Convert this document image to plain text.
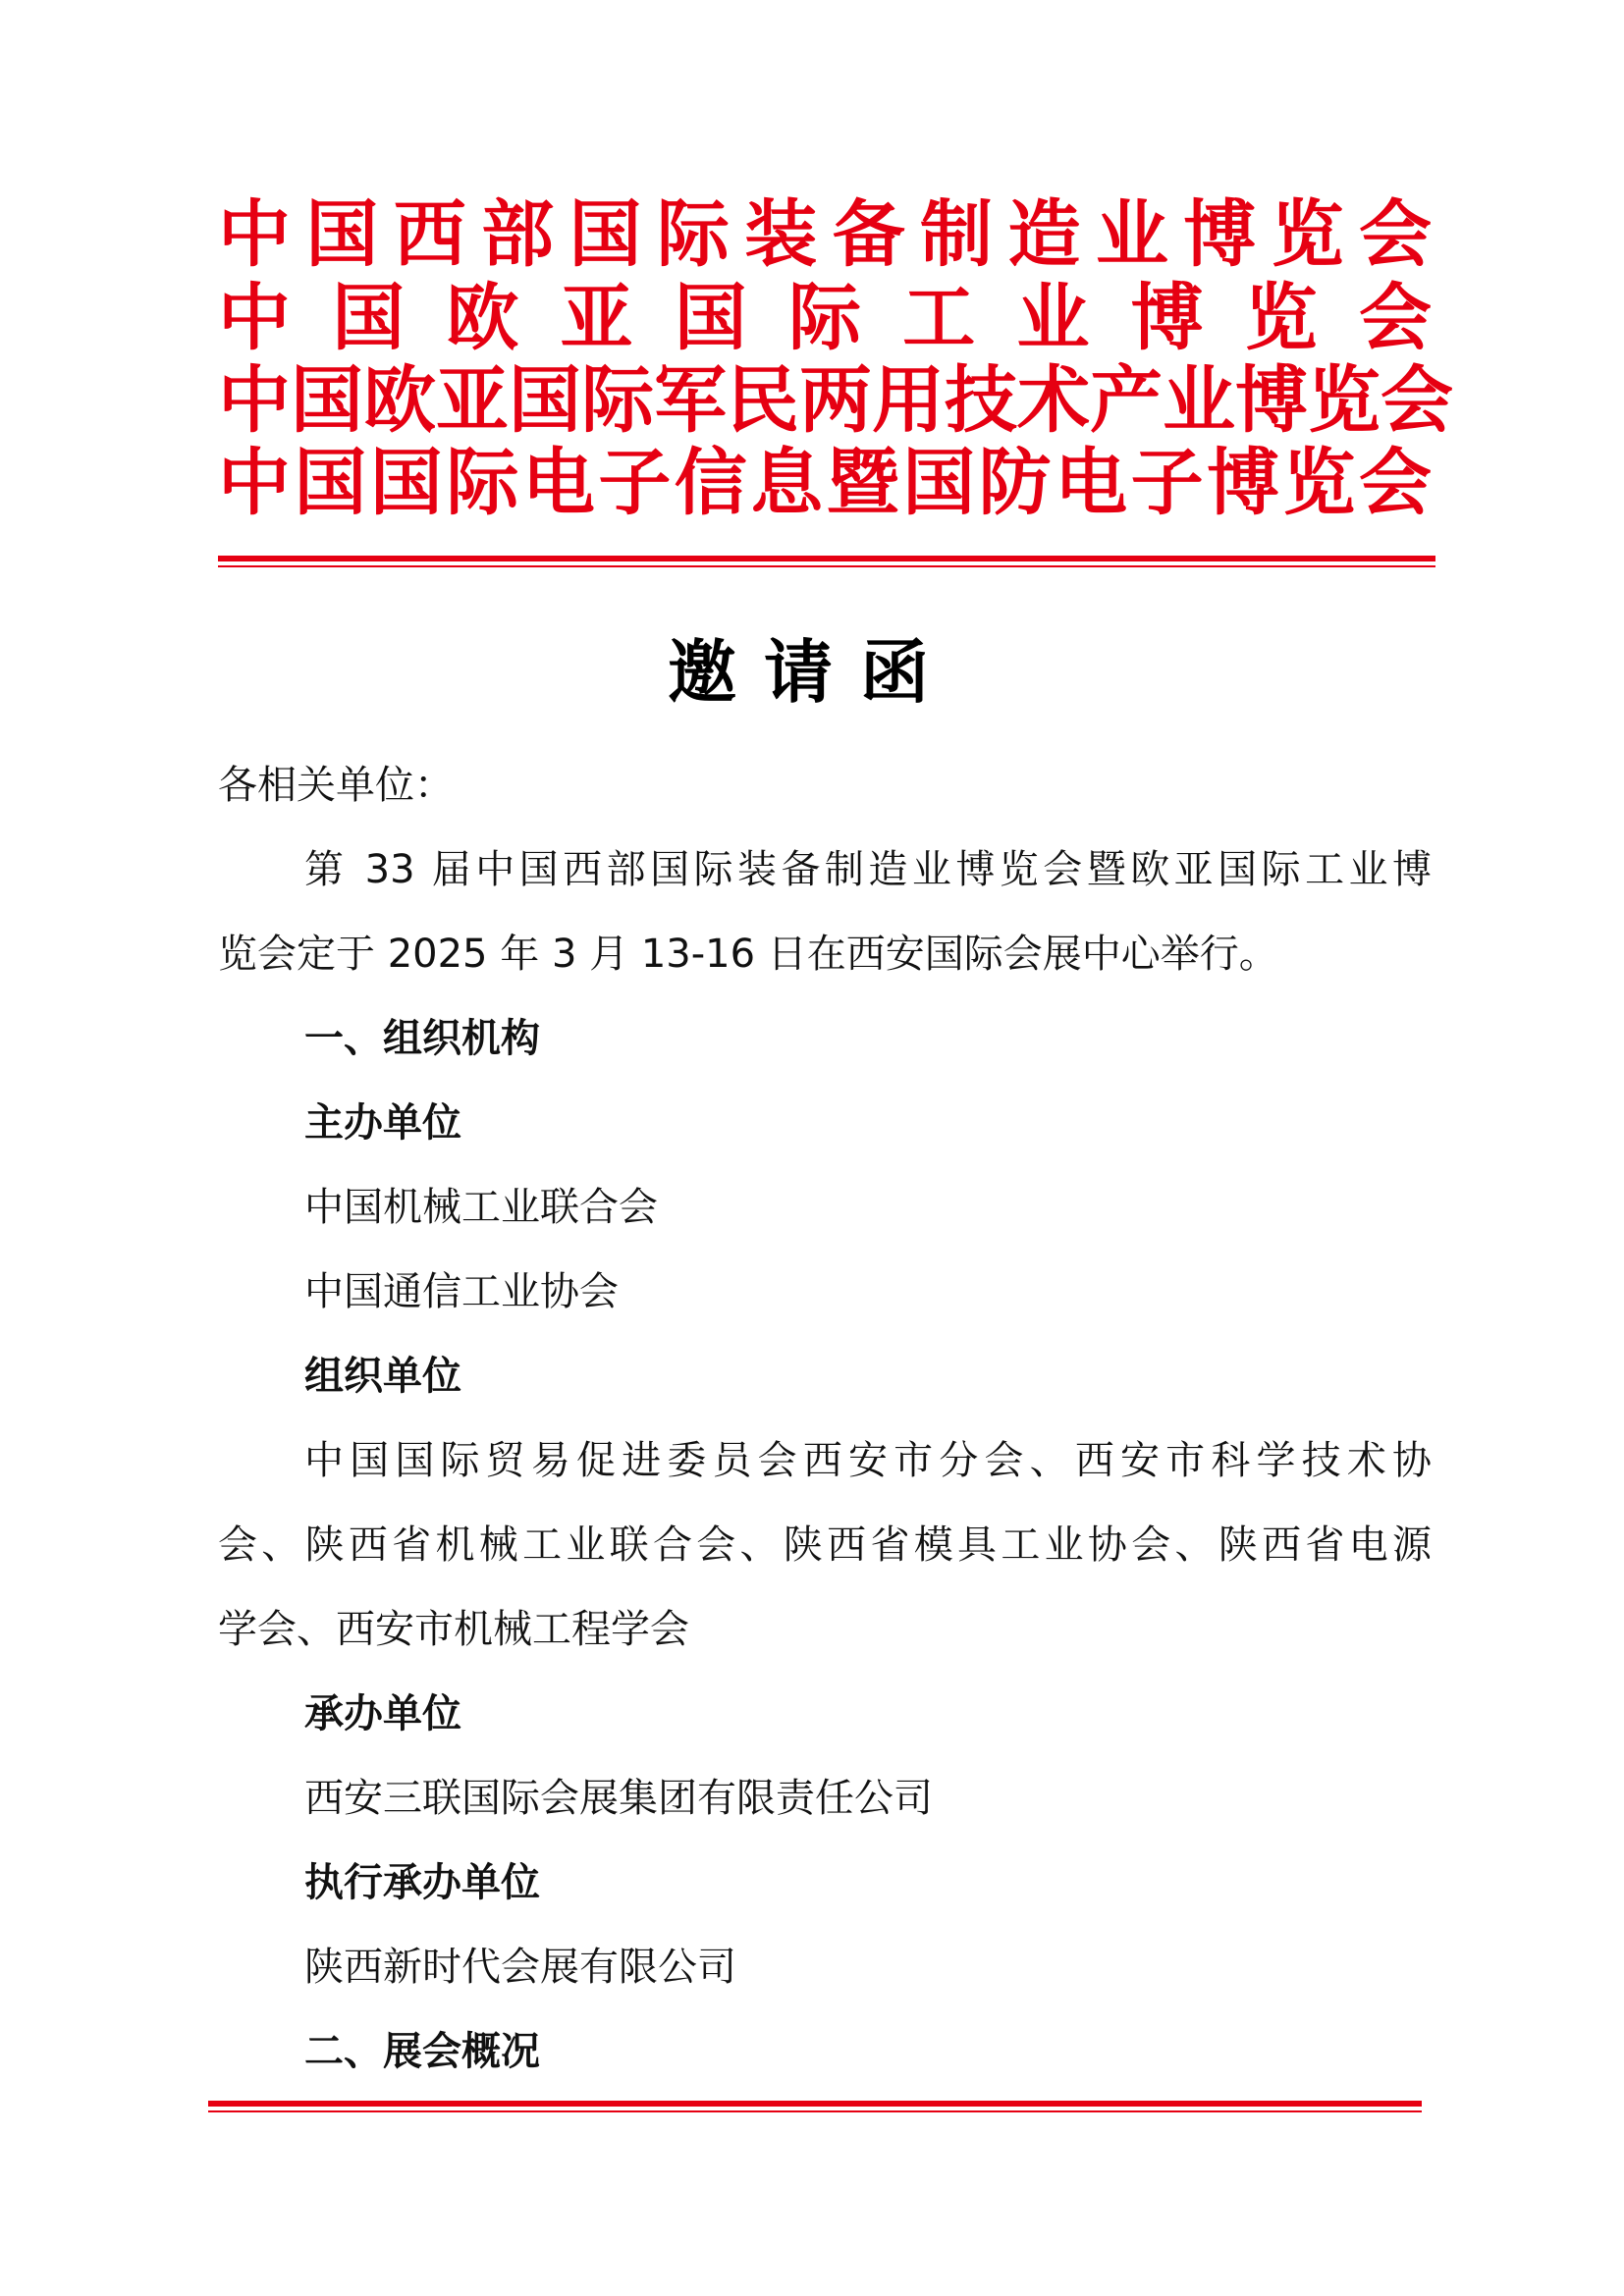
中国西部国际装备制造业博览会
中国欧亚国际工业博览会
中国欧亚国际军民两用技术产业博览会
中国国际电子信息暨国防电子博览会
邀请函
各相关单位：
第 33 届中国西部国际装备制造业博览会暨欧亚国际工业博
览会定于 2025 年 3 月 13-16 日在西安国际会展中心举行。
一、组织机构
主办单位
中国机械工业联合会
中国通信工业协会
组织单位
中国国际贸易促进委员会西安市分会、西安市科学技术协
会、陕西省机械工业联合会、陕西省模具工业协会、陕西省电源
学会、西安市机械工程学会
承办单位
西安三联国际会展集团有限责任公司
执行承办单位
陕西新时代会展有限公司
二、展会概况
